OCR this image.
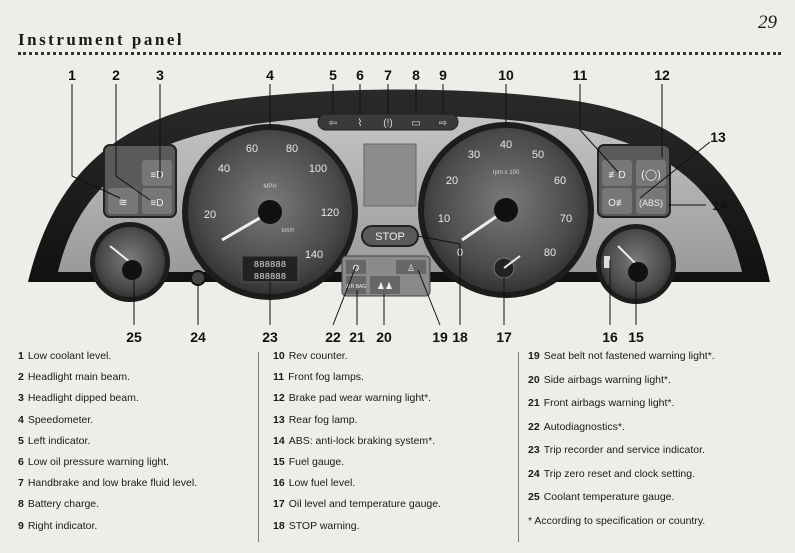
29
Instrument panel
≋ ≡D
≡D	≢D (◯)
O≢ (ABS)
⇦ ⌇ (!) ▭ ⇨
20
40
60	80
100
120
140
MPH
km/h
888888
888888
0
10
20
30
40
50
60
70
80
rpm x 100
STOP
⚙	♙
AIR BAG ♟♟
1	2	3	4	5 6 7 8 9	10	11	12
13
14
15
16
17
18
19
20
21
22
23
24
25
1 Low coolant level.
2 Headlight main beam.
3 Headlight dipped beam.
4 Speedometer.
5 Left indicator.
6 Low oil pressure warning light.
7 Handbrake and low brake fluid level.
8 Battery charge.
9 Right indicator.
10 Rev counter.
11 Front fog lamps.
12 Brake pad wear warning light*.
13 Rear fog lamp.
14 ABS: anti-lock braking system*.
15 Fuel gauge.
16 Low fuel level.
17 Oil level and temperature gauge.
18 STOP warning.
19 Seat belt not fastened warning light*.
20 Side airbags warning light*.
21 Front airbags warning light*.
22 Autodiagnostics*.
23 Trip recorder and service indicator.
24 Trip zero reset and clock setting.
25 Coolant temperature gauge.
* According to specification or country.
